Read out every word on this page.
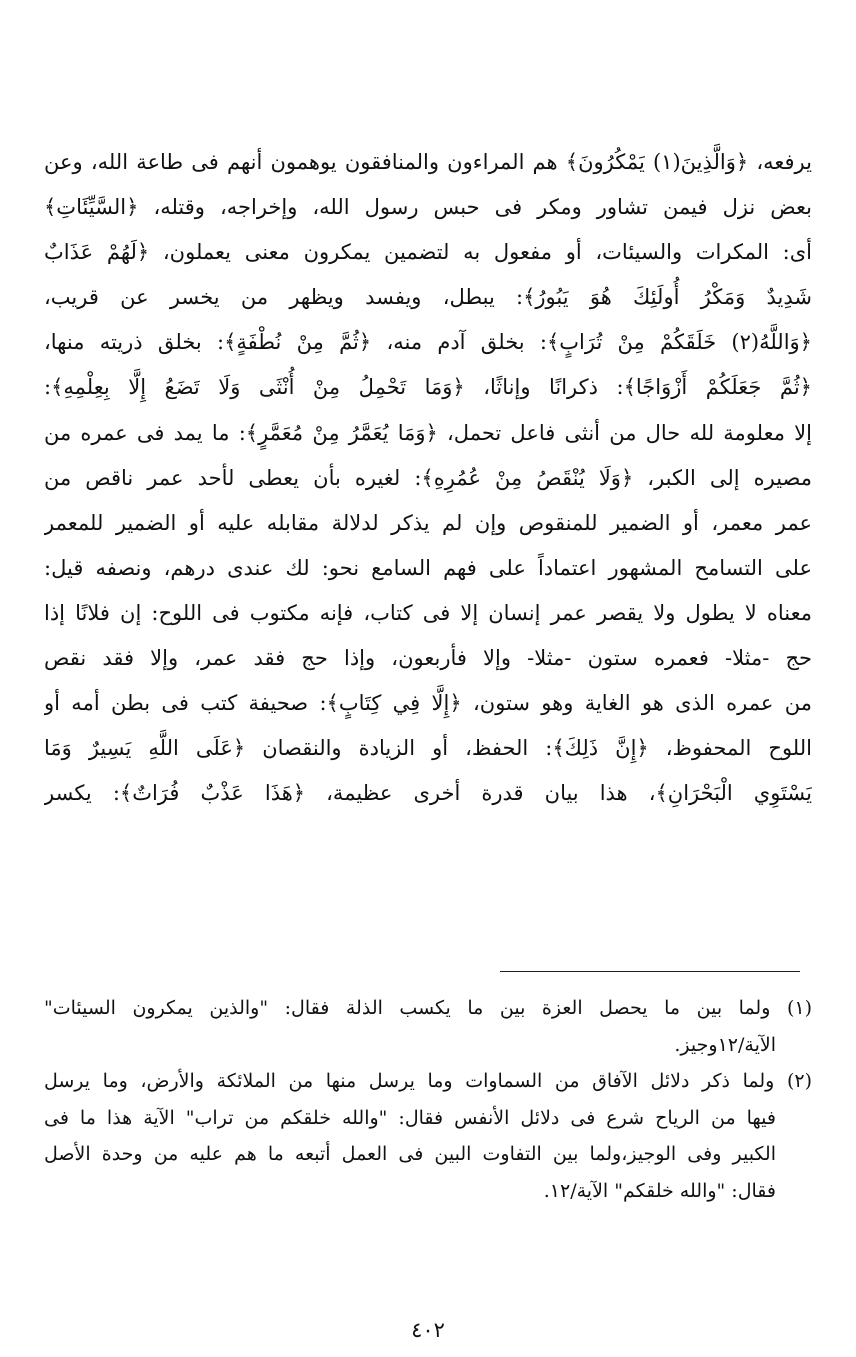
يرفعه، ﴿وَالَّذِينَ(١) يَمْكُرُونَ﴾ هم المراءون والمنافقون يوهمون أنهم فى طاعة الله، وعن
بعض نزل فيمن تشاور ومكر فى حبس رسول الله، وإخراجه، وقتله، ﴿السَّيِّئَاتِ﴾
أى: المكرات والسيئات، أو مفعول به لتضمين يمكرون معنى يعملون، ﴿لَهُمْ عَذَابٌ
شَدِيدٌ وَمَكْرُ أُولَئِكَ هُوَ يَبُورُ﴾: يبطل، ويفسد ويظهر من يخسر عن قريب،
﴿وَاللَّهُ(٢) خَلَقَكُمْ مِنْ تُرَابٍ﴾: بخلق آدم منه، ﴿ثُمَّ مِنْ نُطْفَةٍ﴾: بخلق ذريته منها،
﴿ثُمَّ جَعَلَكُمْ أَزْوَاجًا﴾: ذكرانًا وإناثًا، ﴿وَمَا تَحْمِلُ مِنْ أُنْثَى وَلَا تَضَعُ إِلَّا بِعِلْمِهِ﴾:
إلا معلومة لله حال من أنثى فاعل تحمل، ﴿وَمَا يُعَمَّرُ مِنْ مُعَمَّرٍ﴾: ما يمد فى عمره من
مصيره إلى الكبر، ﴿وَلَا يُنْقَصُ مِنْ عُمُرِهِ﴾: لغيره بأن يعطى لأحد عمر ناقص من
عمر معمر، أو الضمير للمنقوص وإن لم يذكر لدلالة مقابله عليه أو الضمير للمعمر
على التسامح المشهور اعتماداً على فهم السامع نحو: لك عندى درهم، ونصفه قيل:
معناه لا يطول ولا يقصر عمر إنسان إلا فى كتاب، فإنه مكتوب فى اللوح: إن فلانًا إذا
حج -مثلا- فعمره ستون -مثلا- وإلا فأربعون، وإذا حج فقد عمر، وإلا فقد نقص
من عمره الذى هو الغاية وهو ستون، ﴿إِلَّا فِي كِتَابٍ﴾: صحيفة كتب فى بطن أمه أو
اللوح المحفوظ، ﴿إِنَّ ذَلِكَ﴾: الحفظ، أو الزيادة والنقصان ﴿عَلَى اللَّهِ يَسِيرٌ وَمَا
يَسْتَوِي الْبَحْرَانِ﴾، هذا بيان قدرة أخرى عظيمة، ﴿هَذَا عَذْبٌ فُرَاتٌ﴾: يكسر
(١) ولما بين ما يحصل العزة بين ما يكسب الذلة فقال: "والذين يمكرون السيئات"
الآية/١٢وجيز.
(٢) ولما ذكر دلائل الآفاق من السماوات وما يرسل منها من الملائكة والأرض، وما يرسل
فيها من الرياح شرع فى دلائل الأنفس فقال: "والله خلقكم من تراب" الآية هذا ما فى
الكبير وفى الوجيز،ولما بين التفاوت البين فى العمل أتبعه ما هم عليه من وحدة الأصل
فقال: "والله خلقكم" الآية/١٢.
٤٠٢
